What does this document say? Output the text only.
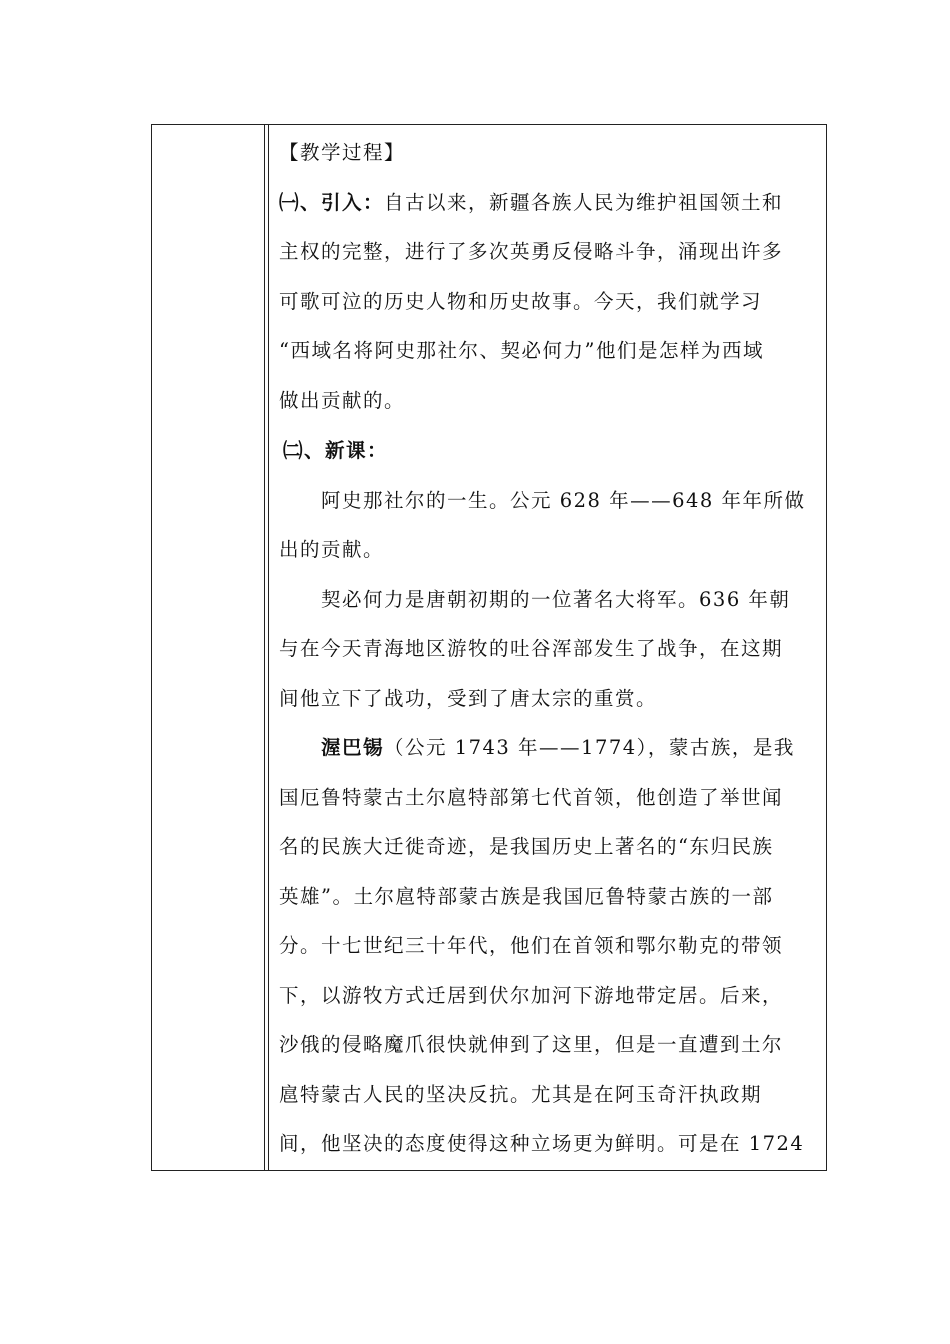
【教学过程】
㈠、引入：自古以来，新疆各族人民为维护祖国领土和
主权的完整，进行了多次英勇反侵略斗争，涌现出许多
可歌可泣的历史人物和历史故事。今天，我们就学习
“西域名将阿史那社尔、契必何力”他们是怎样为西域
做出贡献的。
㈡、新课：
阿史那社尔的一生。公元 628 年——648 年年所做
出的贡献。
契必何力是唐朝初期的一位著名大将军。636 年朝
与在今天青海地区游牧的吐谷浑部发生了战争，在这期
间他立下了战功，受到了唐太宗的重赏。
渥巴锡（公元 1743 年——1774），蒙古族，是我
国厄鲁特蒙古土尔扈特部第七代首领，他创造了举世闻
名的民族大迁徙奇迹，是我国历史上著名的“东归民族
英雄”。土尔扈特部蒙古族是我国厄鲁特蒙古族的一部
分。十七世纪三十年代，他们在首领和鄂尔勒克的带领
下，以游牧方式迁居到伏尔加河下游地带定居。后来，
沙俄的侵略魔爪很快就伸到了这里，但是一直遭到土尔
扈特蒙古人民的坚决反抗。尤其是在阿玉奇汗执政期
间，他坚决的态度使得这种立场更为鲜明。可是在 1724
